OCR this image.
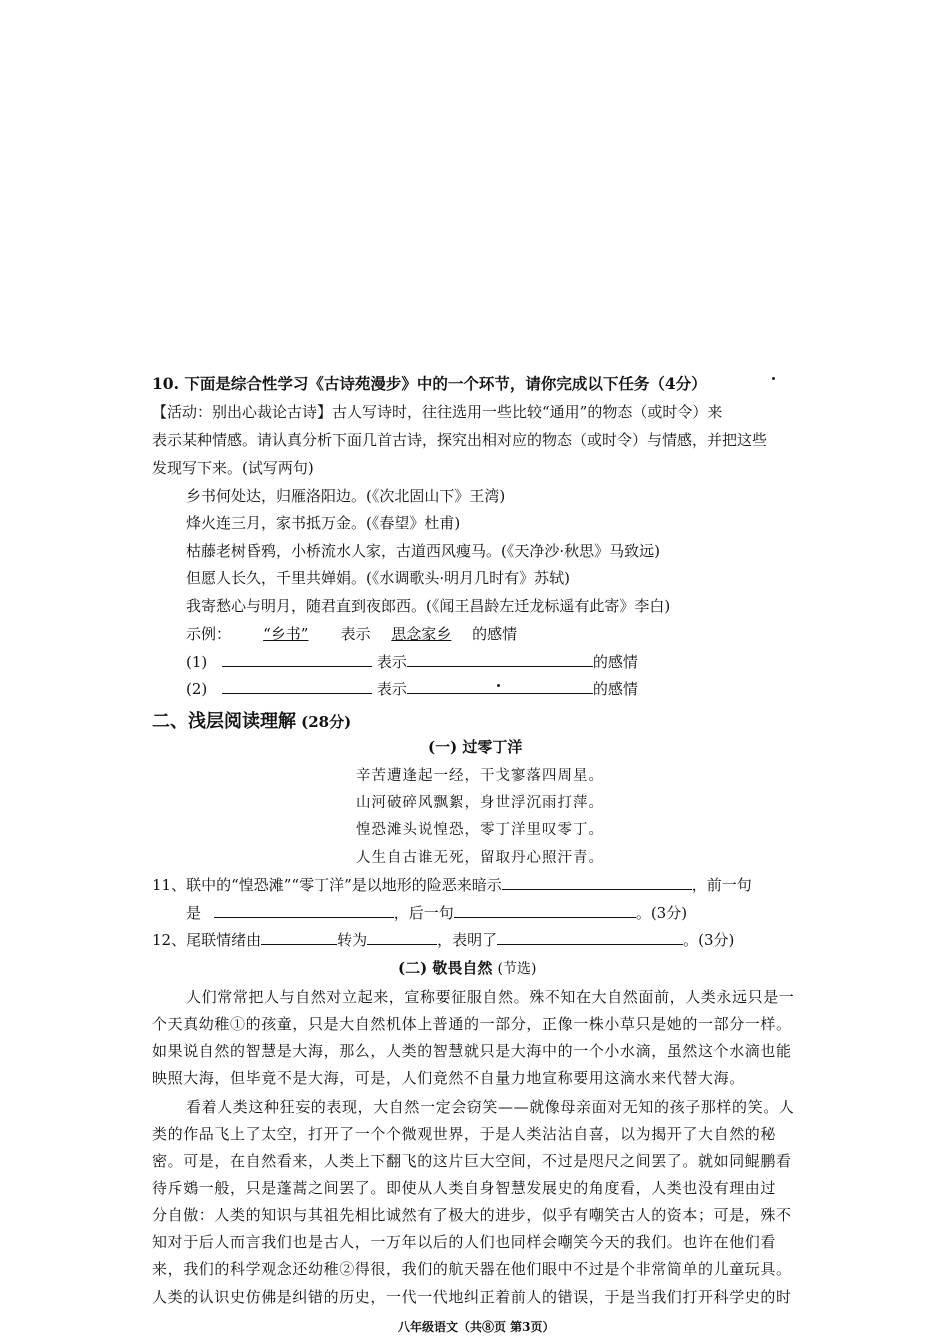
10. 下面是综合性学习《古诗苑漫步》中的一个环节，请你完成以下任务（4分）
【活动：别出心裁论古诗】古人写诗时，往往选用一些比较“通用”的物态（或时令）来
表示某种情感。请认真分析下面几首古诗，探究出相对应的物态（或时令）与情感，并把这些
发现写下来。(试写两句)
乡书何处达，归雁洛阳边。(《次北固山下》王湾)
烽火连三月，家书抵万金。(《春望》杜甫)
枯藤老树昏鸦，小桥流水人家，古道西风瘦马。(《天净沙·秋思》马致远)
但愿人长久，千里共婵娟。(《水调歌头·明月几时有》苏轼)
我寄愁心与明月，随君直到夜郎西。(《闻王昌龄左迁龙标遥有此寄》李白)
示例： “乡书” 表示 思念家乡 的感情
(1)	表示	的感情
(2)	表示	的感情
二、浅层阅读理解 (28分)
(一) 过零丁洋
辛苦遭逢起一经，干戈寥落四周星。
山河破碎风飘絮，身世浮沉雨打萍。
惶恐滩头说惶恐，零丁洋里叹零丁。
人生自古谁无死，留取丹心照汗青。
11、联中的“惶恐滩”“零丁洋”是以地形的险恶来暗示	，前一句
是	，后一句	。(3分)
12、尾联情绪由	转为	，表明了	。(3分)
(二) 敬畏自然 (节选)
人们常常把人与自然对立起来，宣称要征服自然。殊不知在大自然面前，人类永远只是一
个天真幼稚①的孩童，只是大自然机体上普通的一部分，正像一株小草只是她的一部分一样。
如果说自然的智慧是大海，那么，人类的智慧就只是大海中的一个小水滴，虽然这个水滴也能
映照大海，但毕竟不是大海，可是，人们竟然不自量力地宣称要用这滴水来代替大海。
看着人类这种狂妄的表现，大自然一定会窃笑——就像母亲面对无知的孩子那样的笑。人
类的作品飞上了太空，打开了一个个微观世界，于是人类沾沾自喜，以为揭开了大自然的秘
密。可是，在自然看来，人类上下翻飞的这片巨大空间，不过是咫尺之间罢了。就如同鲲鹏看
待斥鴳一般，只是蓬蒿之间罢了。即使从人类自身智慧发展史的角度看，人类也没有理由过
分自傲：人类的知识与其祖先相比诚然有了极大的进步，似乎有嘲笑古人的资本；可是，殊不
知对于后人而言我们也是古人，一万年以后的人们也同样会嘲笑今天的我们。也许在他们看
来，我们的科学观念还幼稚②得很，我们的航天器在他们眼中不过是个非常简单的儿童玩具。
人类的认识史仿佛是纠错的历史，一代一代地纠正着前人的错误，于是当我们打开科学史的时
八年级语文（共⑧页 第3页）
